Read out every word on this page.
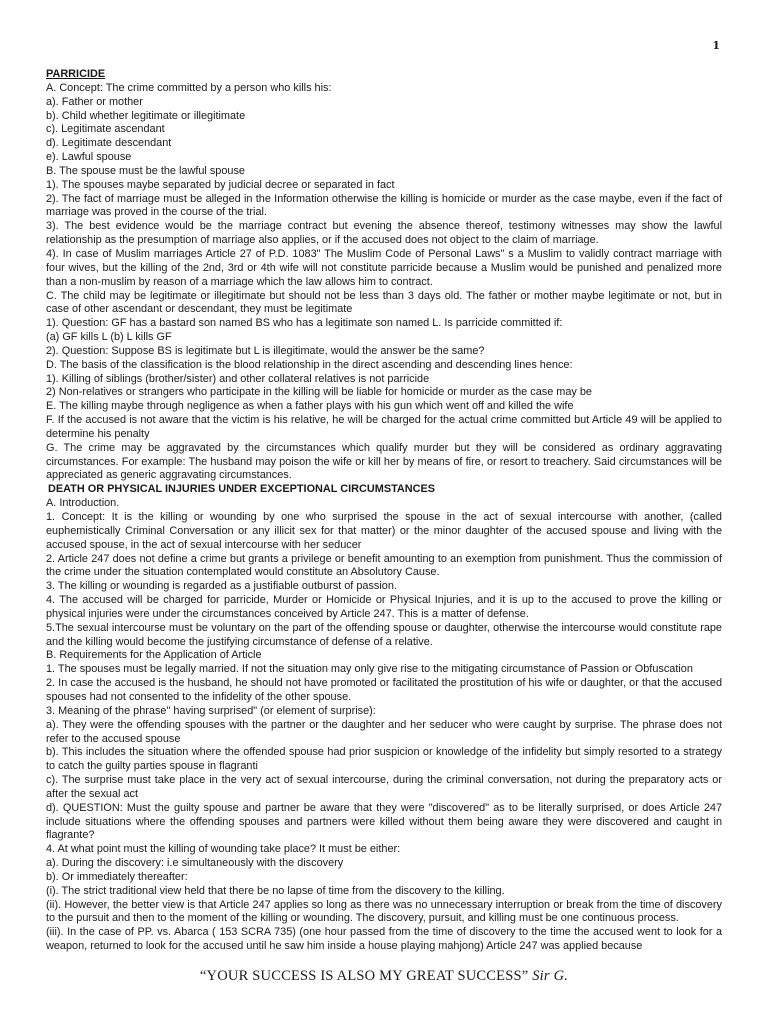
1
PARRICIDE
A. Concept: The crime committed by a person who kills his:
a). Father or mother
b). Child whether legitimate or illegitimate
c). Legitimate ascendant
d). Legitimate descendant
e). Lawful spouse
B. The spouse must be the lawful spouse
1). The spouses maybe separated by judicial decree or separated in fact
2). The fact of marriage must be alleged in the Information otherwise the killing is homicide or murder as the case maybe, even if the fact of marriage was proved in the course of the trial.
3). The best evidence would be the marriage contract but evening the absence thereof, testimony witnesses may show the lawful relationship as the presumption of marriage also applies, or if the accused does not object to the claim of marriage.
4). In case of Muslim marriages Article 27 of P.D. 1083" The Muslim Code of Personal Laws" s a Muslim to validly contract marriage with four wives, but the killing of the 2nd, 3rd or 4th wife will not constitute parricide because a Muslim would be punished and penalized more than a non-muslim by reason of a marriage which the law allows him to contract.
C. The child may be legitimate or illegitimate but should not be less than 3 days old. The father or mother maybe legitimate or not, but in case of other ascendant or descendant, they must be legitimate
1). Question: GF has a bastard son named BS who has a legitimate son named L. Is parricide committed if:
(a) GF kills L (b) L kills GF
2). Question: Suppose BS is legitimate but L is illegitimate, would the answer be the same?
D. The basis of the classification is the blood relationship in the direct ascending and descending lines hence:
1). Killing of siblings (brother/sister) and other collateral relatives is not parricide
2) Non-relatives or strangers who participate in the killing will be liable for homicide or murder as the case may be
E. The killing maybe through negligence as when a father plays with his gun which went off and killed the wife
F. If the accused is not aware that the victim is his relative, he will be charged for the actual crime committed but Article 49 will be applied to determine his penalty
G. The crime may be aggravated by the circumstances which qualify murder but they will be considered as ordinary aggravating circumstances. For example: The husband may poison the wife or kill her by means of fire, or resort to treachery. Said circumstances will be appreciated as generic aggravating circumstances.
DEATH OR PHYSICAL INJURIES UNDER EXCEPTIONAL CIRCUMSTANCES
A. Introduction.
1. Concept: It is the killing or wounding by one who surprised the spouse in the act of sexual intercourse with another, (called euphemistically Criminal Conversation or any illicit sex for that matter) or the minor daughter of the accused spouse and living with the accused spouse, in the act of sexual intercourse with her seducer
2. Article 247 does not define a crime but grants a privilege or benefit amounting to an exemption from punishment. Thus the commission of the crime under the situation contemplated would constitute an Absolutory Cause.
3. The killing or wounding is regarded as a justifiable outburst of passion.
4. The accused will be charged for parricide, Murder or Homicide or Physical Injuries, and it is up to the accused to prove the killing or physical injuries were under the circumstances conceived by Article 247. This is a matter of defense.
5.The sexual intercourse must be voluntary on the part of the offending spouse or daughter, otherwise the intercourse would constitute rape and the killing would become the justifying circumstance of defense of a relative.
B. Requirements for the Application of Article
1. The spouses must be legally married. If not the situation may only give rise to the mitigating circumstance of Passion or Obfuscation
2. In case the accused is the husband, he should not have promoted or facilitated the prostitution of his wife or daughter, or that the accused spouses had not consented to the infidelity of the other spouse.
3. Meaning of the phrase" having surprised" (or element of surprise):
a). They were the offending spouses with the partner or the daughter and her seducer who were caught by surprise. The phrase does not refer to the accused spouse
b). This includes the situation where the offended spouse had prior suspicion or knowledge of the infidelity but simply resorted to a strategy to catch the guilty parties spouse in flagranti
c). The surprise must take place in the very act of sexual intercourse, during the criminal conversation, not during the preparatory acts or after the sexual act
d). QUESTION: Must the guilty spouse and partner be aware that they were "discovered" as to be literally surprised, or does Article 247 include situations where the offending spouses and partners were killed without them being aware they were discovered and caught in flagrante?
4. At what point must the killing of wounding take place? It must be either:
a). During the discovery: i.e simultaneously with the discovery
b). Or immediately thereafter:
(i). The strict traditional view held that there be no lapse of time from the discovery to the killing.
(ii). However, the better view is that Article 247 applies so long as there was no unnecessary interruption or break from the time of discovery to the pursuit and then to the moment of the killing or wounding. The discovery, pursuit, and killing must be one continuous process.
(iii). In the case of PP. vs. Abarca ( 153 SCRA 735) (one hour passed from the time of discovery to the time the accused went to look for a weapon, returned to look for the accused until he saw him inside a house playing mahjong) Article 247 was applied because
“YOUR SUCCESS IS ALSO MY GREAT SUCCESS” Sir G.
